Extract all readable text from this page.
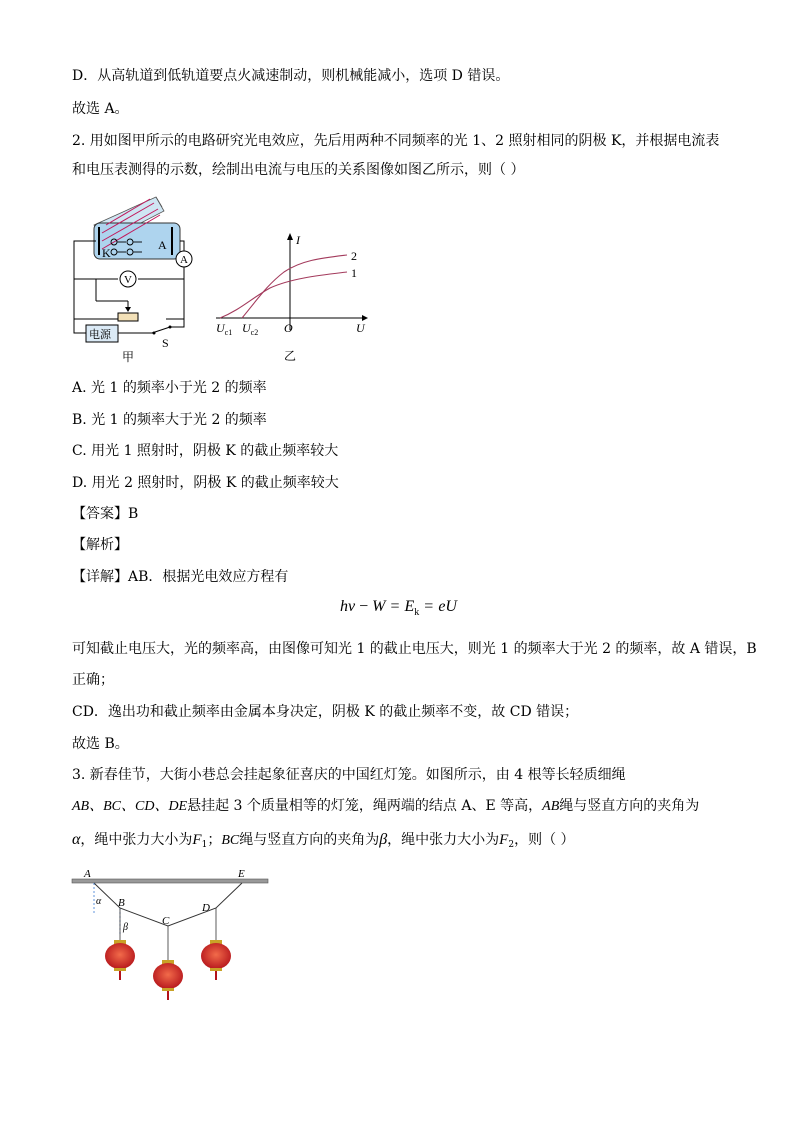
D．从高轨道到低轨道要点火减速制动，则机械能减小，选项 D 错误。
故选 A。
2. 用如图甲所示的电路研究光电效应，先后用两种不同频率的光 1、2 照射相同的阴极 K，并根据电流表
和电压表测得的示数，绘制出电流与电压的关系图像如图乙所示，则（ ）
K
A
A
V
电源
S
甲
I
U
O
2
1
$U_{c1}$ $U_{c2}$
乙
A. 光 1 的频率小于光 2 的频率
B. 光 1 的频率大于光 2 的频率
C. 用光 1 照射时，阴极 K 的截止频率较大
D. 用光 2 照射时，阴极 K 的截止频率较大
【答案】B
【解析】
【详解】AB．根据光电效应方程有
$h\nu - W = E_k$ = eU
可知截止电压大，光的频率高，由图像可知光 1 的截止电压大，则光 1 的频率大于光 2 的频率，故 A 错误，B
正确；
CD．逸出功和截止频率由金属本身决定，阴极 K 的截止频率不变，故 CD 错误；
故选 B。
3. 新春佳节，大街小巷总会挂起象征喜庆的中国红灯笼。如图所示，由 4 根等长轻质细绳
AB、BC、CD、DE悬挂起 3 个质量相等的灯笼，绳两端的结点 A、E 等高，AB绳与竖直方向的夹角为
α，绳中张力大小为$F_1$；BC绳与竖直方向的夹角为β，绳中张力大小为$F_2$，则（ ）
A	E
B
C
D
α
β
